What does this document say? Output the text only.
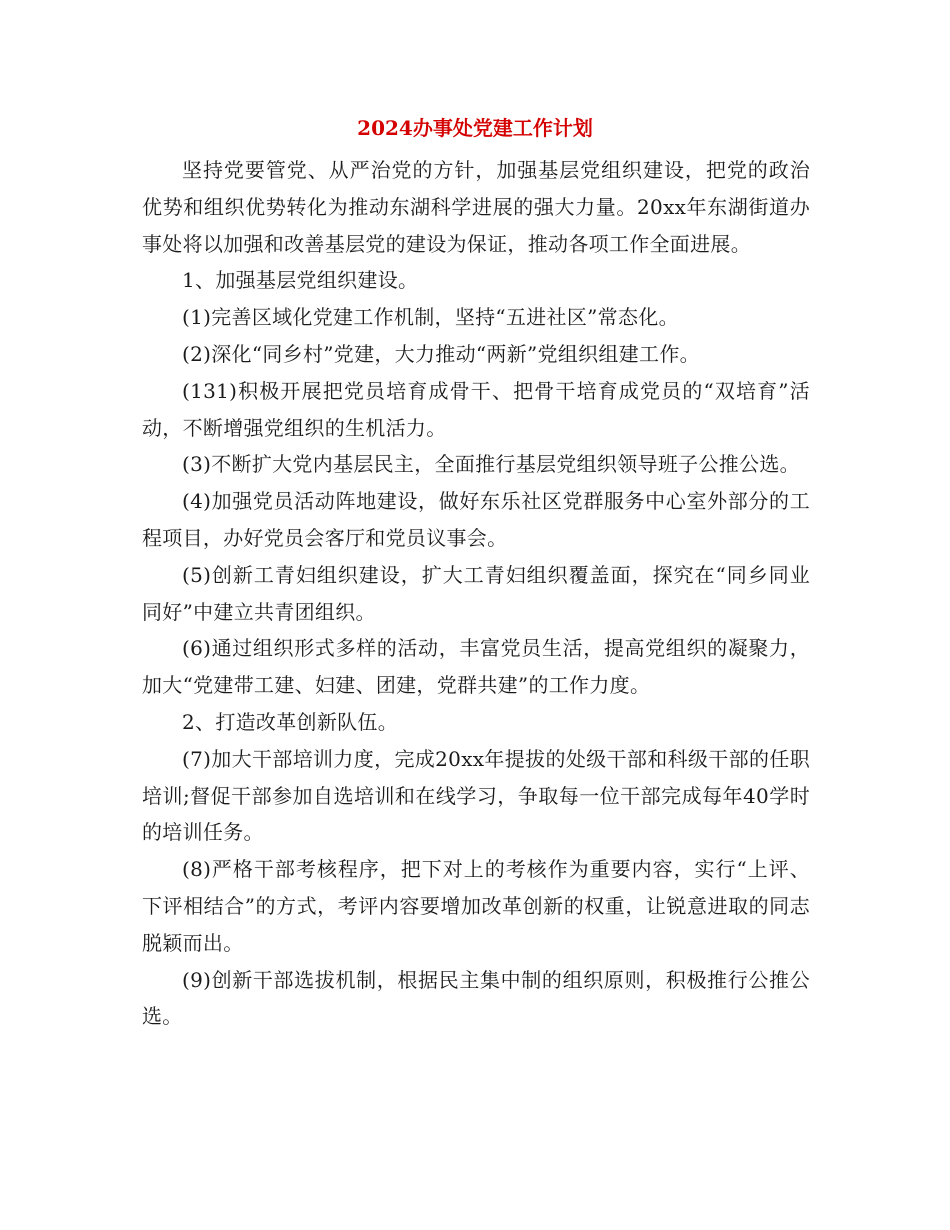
2024办事处党建工作计划

坚持党要管党、从严治党的方针，加强基层党组织建设，把党的政治优势和组织优势转化为推动东湖科学进展的强大力量。20xx年东湖街道办事处将以加强和改善基层党的建设为保证，推动各项工作全面进展。

1、加强基层党组织建设。

(1)完善区域化党建工作机制，坚持“五进社区”常态化。

(2)深化“同乡村”党建，大力推动“两新”党组织组建工作。

(131)积极开展把党员培育成骨干、把骨干培育成党员的“双培育”活动，不断增强党组织的生机活力。

(3)不断扩大党内基层民主，全面推行基层党组织领导班子公推公选。

(4)加强党员活动阵地建设，做好东乐社区党群服务中心室外部分的工程项目，办好党员会客厅和党员议事会。

(5)创新工青妇组织建设，扩大工青妇组织覆盖面，探究在“同乡同业同好”中建立共青团组织。

(6)通过组织形式多样的活动，丰富党员生活，提高党组织的凝聚力，加大“党建带工建、妇建、团建，党群共建”的工作力度。

2、打造改革创新队伍。

(7)加大干部培训力度，完成20xx年提拔的处级干部和科级干部的任职培训;督促干部参加自选培训和在线学习，争取每一位干部完成每年40学时的培训任务。

(8)严格干部考核程序，把下对上的考核作为重要内容，实行“上评、下评相结合”的方式，考评内容要增加改革创新的权重，让锐意进取的同志脱颖而出。

(9)创新干部选拔机制，根据民主集中制的组织原则，积极推行公推公选。
